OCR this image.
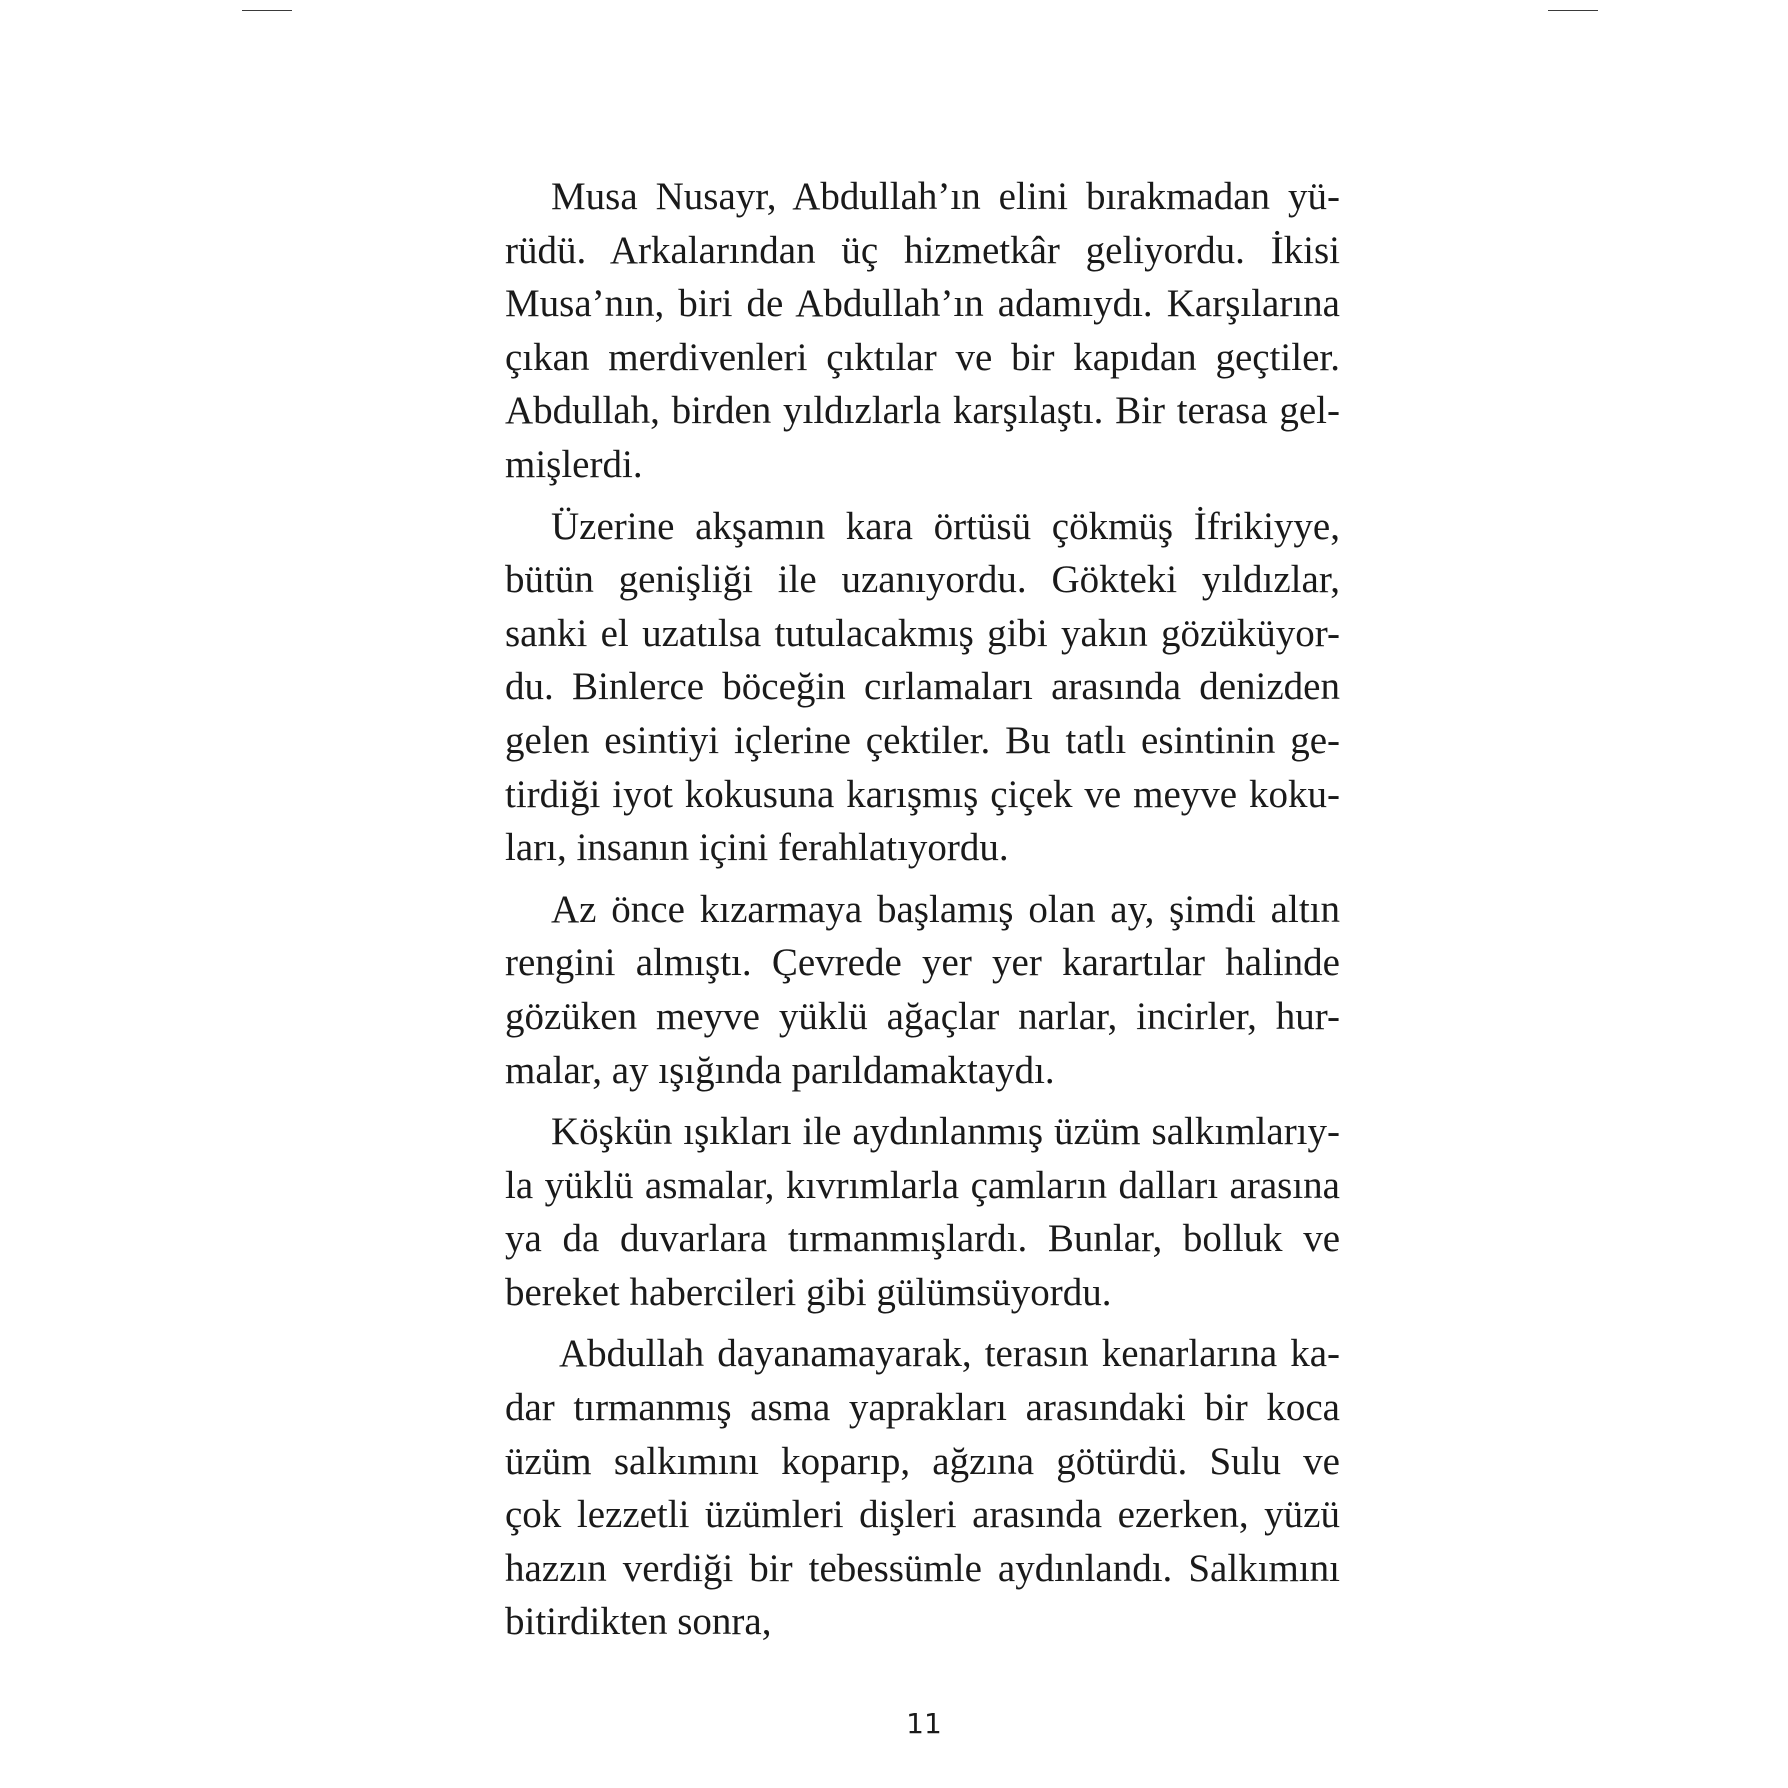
Musa Nusayr, Abdullah’ın elini bırakmadan yü-
rüdü. Arkalarından üç hizmetkâr geliyordu. İkisi
Musa’nın, biri de Abdullah’ın adamıydı. Karşılarına
çıkan merdivenleri çıktılar ve bir kapıdan geçtiler.
Abdullah, birden yıldızlarla karşılaştı. Bir terasa gel-
mişlerdi.
Üzerine akşamın kara örtüsü çökmüş İfrikiyye,
bütün genişliği ile uzanıyordu. Gökteki yıldızlar,
sanki el uzatılsa tutulacakmış gibi yakın gözüküyor-
du. Binlerce böceğin cırlamaları arasında denizden
gelen esintiyi içlerine çektiler. Bu tatlı esintinin ge-
tirdiği iyot kokusuna karışmış çiçek ve meyve koku-
ları, insanın içini ferahlatıyordu.
Az önce kızarmaya başlamış olan ay, şimdi altın
rengini almıştı. Çevrede yer yer karartılar halinde
gözüken meyve yüklü ağaçlar narlar, incirler, hur-
malar, ay ışığında parıldamaktaydı.
Köşkün ışıkları ile aydınlanmış üzüm salkımlarıy-
la yüklü asmalar, kıvrımlarla çamların dalları arasına
ya da duvarlara tırmanmışlardı. Bunlar, bolluk ve
bereket habercileri gibi gülümsüyordu.
Abdullah dayanamayarak, terasın kenarlarına ka-
dar tırmanmış asma yaprakları arasındaki bir koca
üzüm salkımını koparıp, ağzına götürdü. Sulu ve
çok lezzetli üzümleri dişleri arasında ezerken, yüzü
hazzın verdiği bir tebessümle aydınlandı. Salkımını
bitirdikten sonra,
11
